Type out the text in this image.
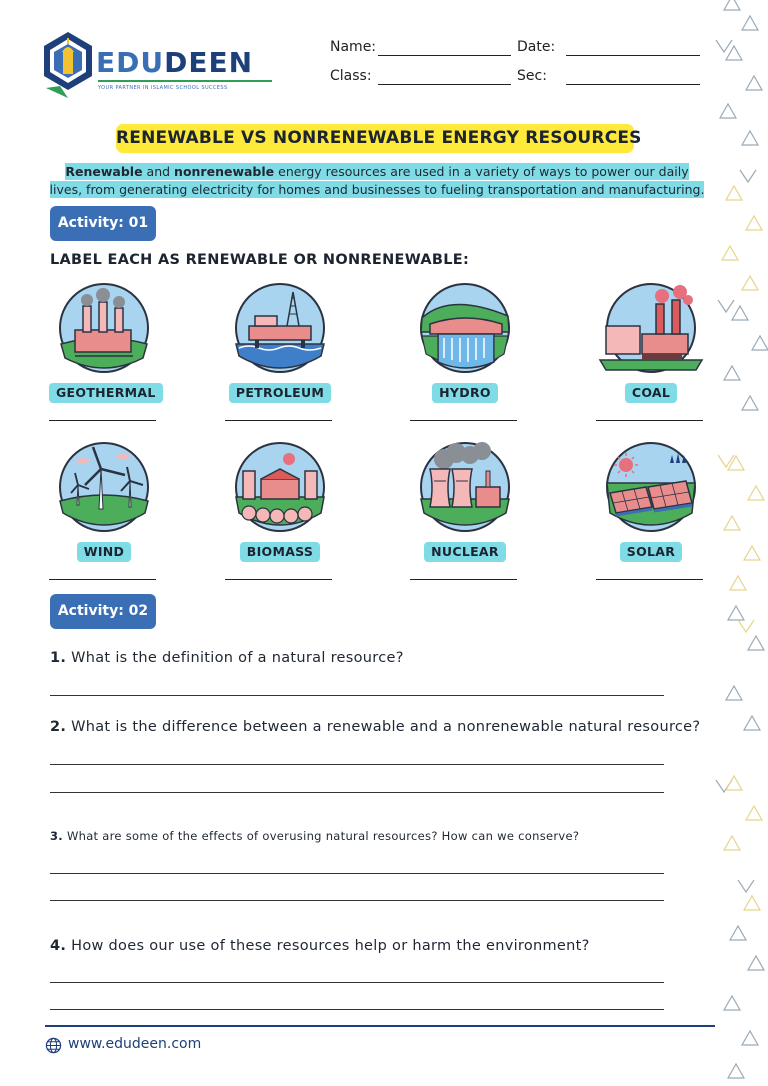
EDUDEEN
YOUR PARTNER IN ISLAMIC SCHOOL SUCCESS
Name:	Date:
Class:	Sec:
RENEWABLE VS NONRENEWABLE ENERGY RESOURCES
Renewable and nonrenewable energy resources are used in a variety of ways to power our daily lives, from generating electricity for homes and businesses to fueling transportation and manufacturing.
Activity: 01
LABEL EACH AS RENEWABLE OR NONRENEWABLE:
GEOTHERMAL	PETROLEUM	HYDRO	COAL
WIND	BIOMASS	NUCLEAR	SOLAR
Activity: 02
1. What is the definition of a natural resource?
2. What is the difference between a renewable and a nonrenewable natural resource?
3. What are some of the effects of overusing natural resources? How can we conserve?
4. How does our use of these resources help or harm the environment?
www.edudeen.com
